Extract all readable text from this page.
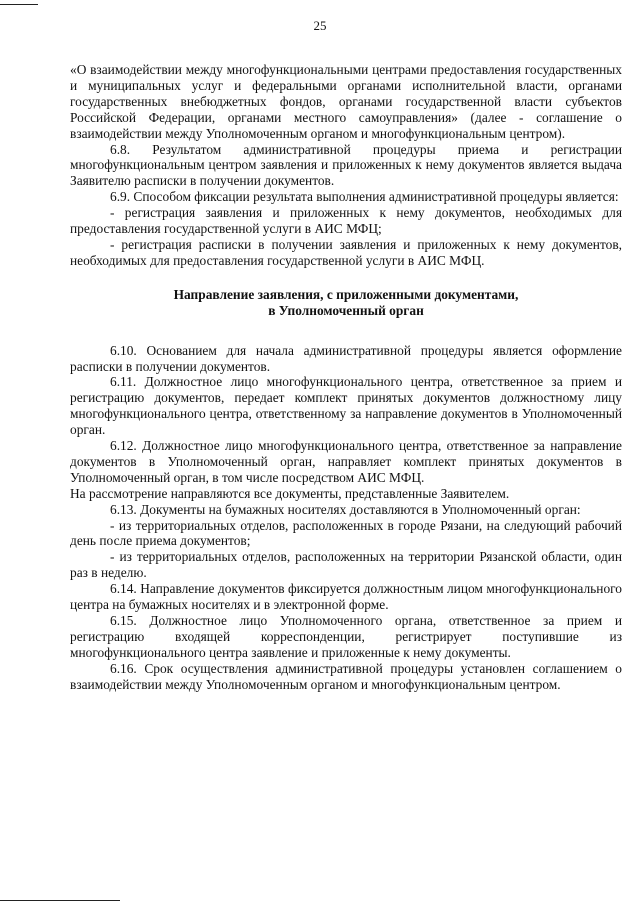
25

«О взаимодействии между многофункциональными центрами предоставления государственных и муниципальных услуг и федеральными органами исполнительной власти, органами государственных внебюджетных фондов, органами государственной власти субъектов Российской Федерации, органами местного самоуправления» (далее - соглашение о взаимодействии между Уполномоченным органом и многофункциональным центром).

6.8. Результатом административной процедуры приема и регистрации многофункциональным центром заявления и приложенных к нему документов является выдача Заявителю расписки в получении документов.

6.9. Способом фиксации результата выполнения административной процедуры является:

- регистрация заявления и приложенных к нему документов, необходимых для предоставления государственной услуги в АИС МФЦ;

- регистрация расписки в получении заявления и приложенных к нему документов, необходимых для предоставления государственной услуги в АИС МФЦ.

Направление заявления, с приложенными документами,
в Уполномоченный орган

6.10. Основанием для начала административной процедуры является оформление расписки в получении документов.

6.11. Должностное лицо многофункционального центра, ответственное за прием и регистрацию документов, передает комплект принятых документов должностному лицу многофункционального центра, ответственному за направление документов в Уполномоченный орган.

6.12. Должностное лицо многофункционального центра, ответственное за направление документов в Уполномоченный орган, направляет комплект принятых документов в Уполномоченный орган, в том числе посредством АИС МФЦ.

На рассмотрение направляются все документы, представленные Заявителем.

6.13. Документы на бумажных носителях доставляются в Уполномоченный орган:

- из территориальных отделов, расположенных в городе Рязани, на следующий рабочий день после приема документов;

- из территориальных отделов, расположенных на территории Рязанской области, один раз в неделю.

6.14. Направление документов фиксируется должностным лицом многофункционального центра на бумажных носителях и в электронной форме.

6.15. Должностное лицо Уполномоченного органа, ответственное за прием и регистрацию входящей корреспонденции, регистрирует поступившие из многофункционального центра заявление и приложенные к нему документы.

6.16. Срок осуществления административной процедуры установлен соглашением о взаимодействии между Уполномоченным органом и многофункциональным центром.
